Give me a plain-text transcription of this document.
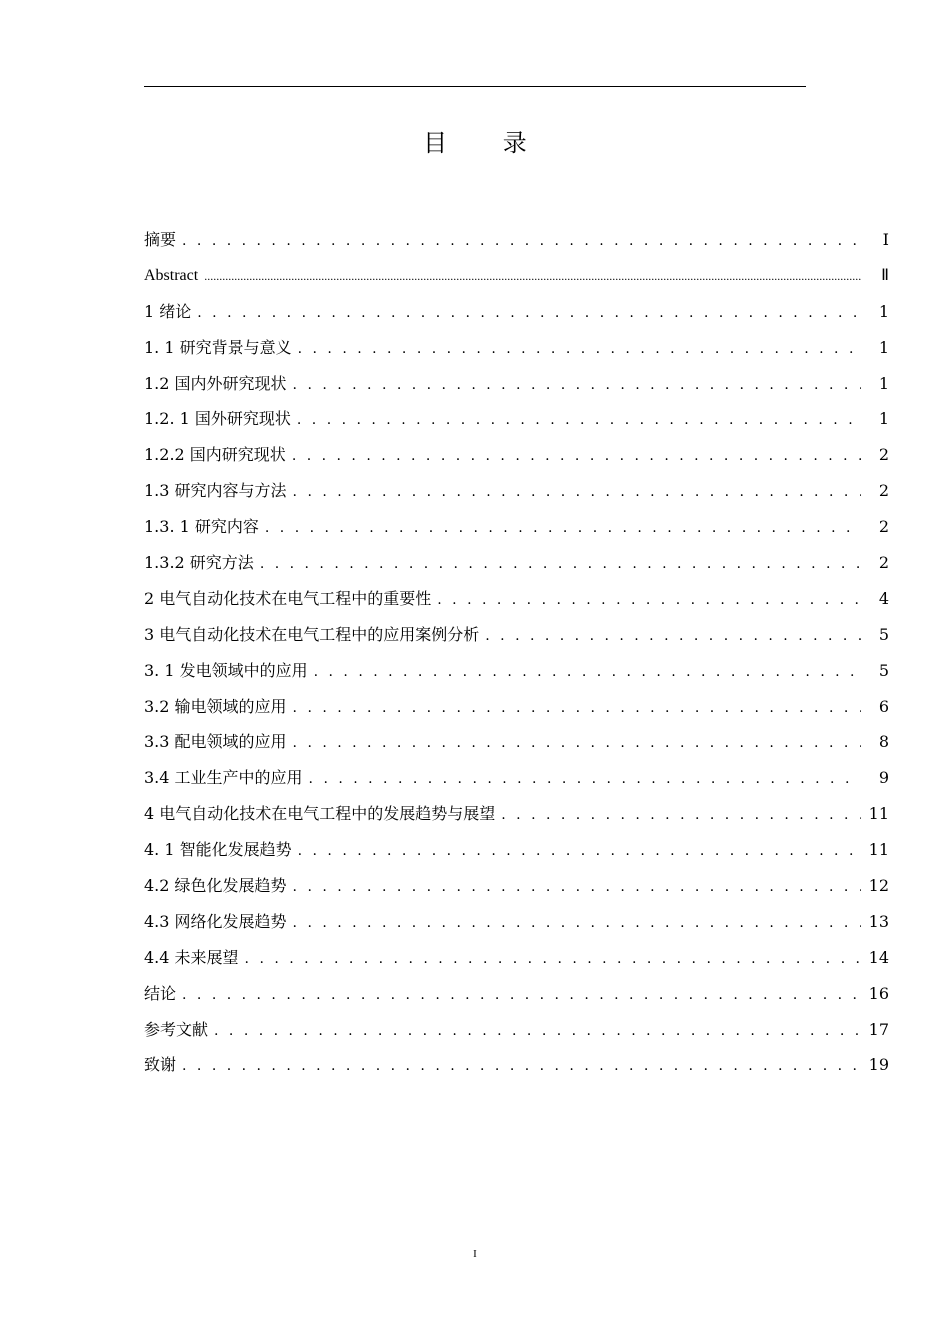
目 录
摘要 . . .	Ⅰ
Abstract .....	Ⅱ
1 绪论 . . .	1
1. 1 研究背景与意义 . . .	1
1.2 国内外研究现状 . . .	1
1.2. 1 国外研究现状 . . .	1
1.2.2 国内研究现状 . . .	2
1.3 研究内容与方法 . . .	2
1.3. 1 研究内容 . . .	2
1.3.2 研究方法 . . .	2
2 电气自动化技术在电气工程中的重要性 . . .	4
3 电气自动化技术在电气工程中的应用案例分析 . . .	5
3. 1 发电领域中的应用 . . .	5
3.2 输电领域的应用 . . .	6
3.3 配电领域的应用 . . .	8
3.4 工业生产中的应用 . . .	9
4 电气自动化技术在电气工程中的发展趋势与展望 . . .	11
4. 1 智能化发展趋势 . . .	11
4.2 绿色化发展趋势 . . .	12
4.3 网络化发展趋势 . . .	13
4.4 未来展望 . . .	14
结论 . . .	16
参考文献 . . .	17
致谢 . . .	19
I
